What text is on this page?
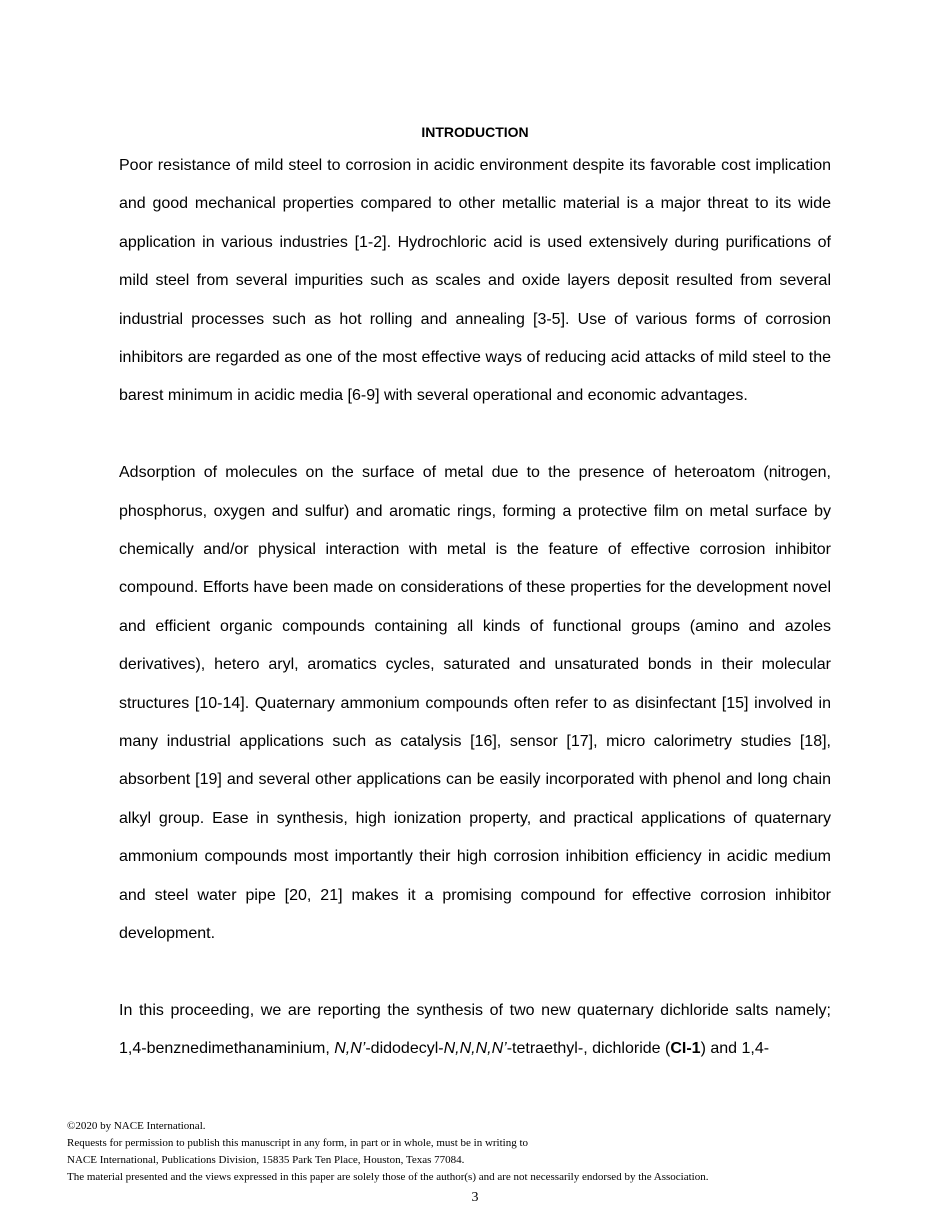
INTRODUCTION

Poor resistance of mild steel to corrosion in acidic environment despite its favorable cost implication and good mechanical properties compared to other metallic material is a major threat to its wide application in various industries [1-2]. Hydrochloric acid is used extensively during purifications of mild steel from several impurities such as scales and oxide layers deposit resulted from several industrial processes such as hot rolling and annealing [3-5]. Use of various forms of corrosion inhibitors are regarded as one of the most effective ways of reducing acid attacks of mild steel to the barest minimum in acidic media [6-9] with several operational and economic advantages.

Adsorption of molecules on the surface of metal due to the presence of heteroatom (nitrogen, phosphorus, oxygen and sulfur) and aromatic rings, forming a protective film on metal surface by chemically and/or physical interaction with metal is the feature of effective corrosion inhibitor compound. Efforts have been made on considerations of these properties for the development novel and efficient organic compounds containing all kinds of functional groups (amino and azoles derivatives), hetero aryl, aromatics cycles, saturated and unsaturated bonds in their molecular structures [10-14]. Quaternary ammonium compounds often refer to as disinfectant [15] involved in many industrial applications such as catalysis [16], sensor [17], micro calorimetry studies [18], absorbent [19] and several other applications can be easily incorporated with phenol and long chain alkyl group. Ease in synthesis, high ionization property, and practical applications of quaternary ammonium compounds most importantly their high corrosion inhibition efficiency in acidic medium and steel water pipe [20, 21] makes it a promising compound for effective corrosion inhibitor development.

In this proceeding, we are reporting the synthesis of two new quaternary dichloride salts namely; 1,4-benznedimethanaminium, N,N’-didodecyl-N,N,N,N’-tetraethyl-, dichloride (CI-1) and 1,4-

©2020 by NACE International.
Requests for permission to publish this manuscript in any form, in part or in whole, must be in writing to
NACE International, Publications Division, 15835 Park Ten Place, Houston, Texas 77084.
The material presented and the views expressed in this paper are solely those of the author(s) and are not necessarily endorsed by the Association.
3
